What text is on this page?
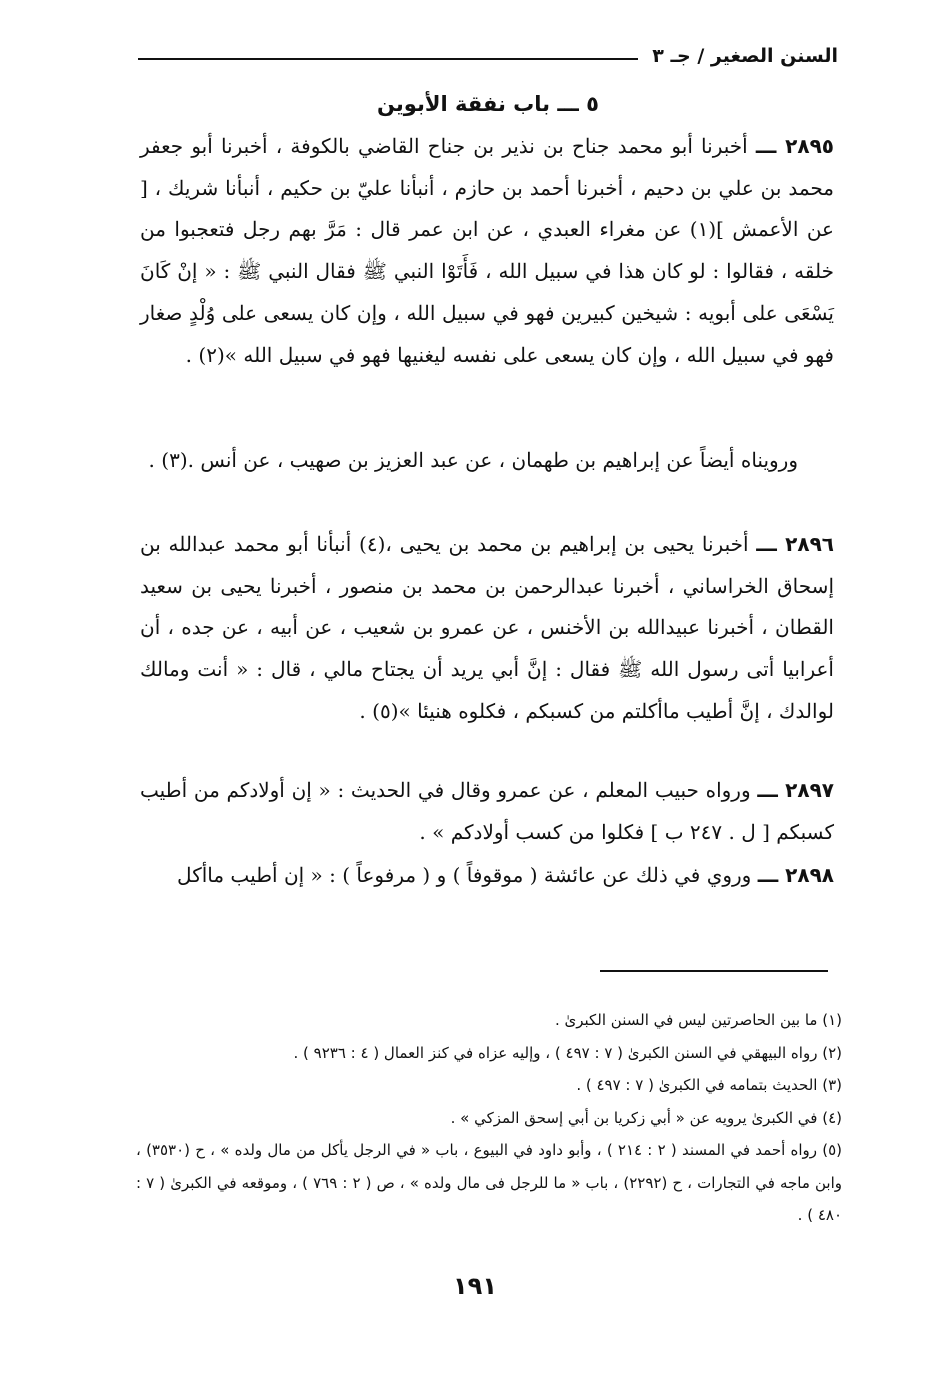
السنن الصغير / جـ ٣
٥ ـــ باب نفقة الأبوين

٢٨٩٥ ـــ أخبرنا أبو محمد جناح بن نذير بن جناح القاضي بالكوفة ، أخبرنا أبو جعفر محمد بن علي بن دحيم ، أخبرنا أحمد بن حازم ، أنبأنا عليّ بن حكيم ، أنبأنا شريك ، [ عن الأعمش ](١) عن مغراء العبدي ، عن ابن عمر قال : مَرَّ بهم رجل فتعجبوا من خلقه ، فقالوا : لو كان هذا في سبيل الله ، فَأَتَوْا النبي ﷺ فقال النبي ﷺ : « إنْ كَانَ يَسْعَى على أبويه : شيخين كبيرين فهو في سبيل الله ، وإن كان يسعى على وُلْدٍ صغار فهو في سبيل الله ، وإن كان يسعى على نفسه ليغنيها فهو في سبيل الله »(٢) .

ورويناه أيضاً عن إبراهيم بن طهمان ، عن عبد العزيز بن صهيب ، عن أنس .(٣) .

٢٨٩٦ ـــ أخبرنا يحيى بن إبراهيم بن محمد بن يحيى ،(٤) أنبأنا أبو محمد عبدالله بن إسحاق الخراساني ، أخبرنا عبدالرحمن بن محمد بن منصور ، أخبرنا يحيى بن سعيد القطان ، أخبرنا عبيدالله بن الأخنس ، عن عمرو بن شعيب ، عن أبيه ، عن جده ، أن أعرابيا أتى رسول الله ﷺ فقال : إنَّ أبي يريد أن يجتاح مالي ، قال : « أنت ومالك لوالدك ، إنَّ أطيب ماأكلتم من كسبكم ، فكلوه هنيئا »(٥) .

٢٨٩٧ ـــ ورواه حبيب المعلم ، عن عمرو وقال في الحديث : « إن أولادكم من أطيب كسبكم [ ل . ٢٤٧ ب ] فكلوا من كسب أولادكم » .

٢٨٩٨ ـــ وروي في ذلك عن عائشة ( موقوفاً ) و ( مرفوعاً ) : « إن أطيب ماأكل

(١) ما بين الحاصرتين ليس في السنن الكبرىٰ .

(٢) رواه البيهقي في السنن الكبرىٰ ( ٧ : ٤٩٧ ) ، وإليه عزاه في كنز العمال ( ٤ : ٩٢٣٦ ) .

(٣) الحديث بتمامه في الكبرىٰ ( ٧ : ٤٩٧ ) .

(٤) في الكبرىٰ يرويه عن « أبي زكريا بن أبي إسحق المزكي » .

(٥) رواه أحمد في المسند ( ٢ : ٢١٤ ) ، وأبو داود في البيوع ، باب « في الرجل يأكل من مال ولده » ، ح (٣٥٣٠) ، وابن ماجه في التجارات ، ح (٢٢٩٢) ، باب « ما للرجل فى مال ولده » ، ص ( ٢ : ٧٦٩ ) ، وموقعه في الكبرىٰ ( ٧ : ٤٨٠ ) .

١٩١
